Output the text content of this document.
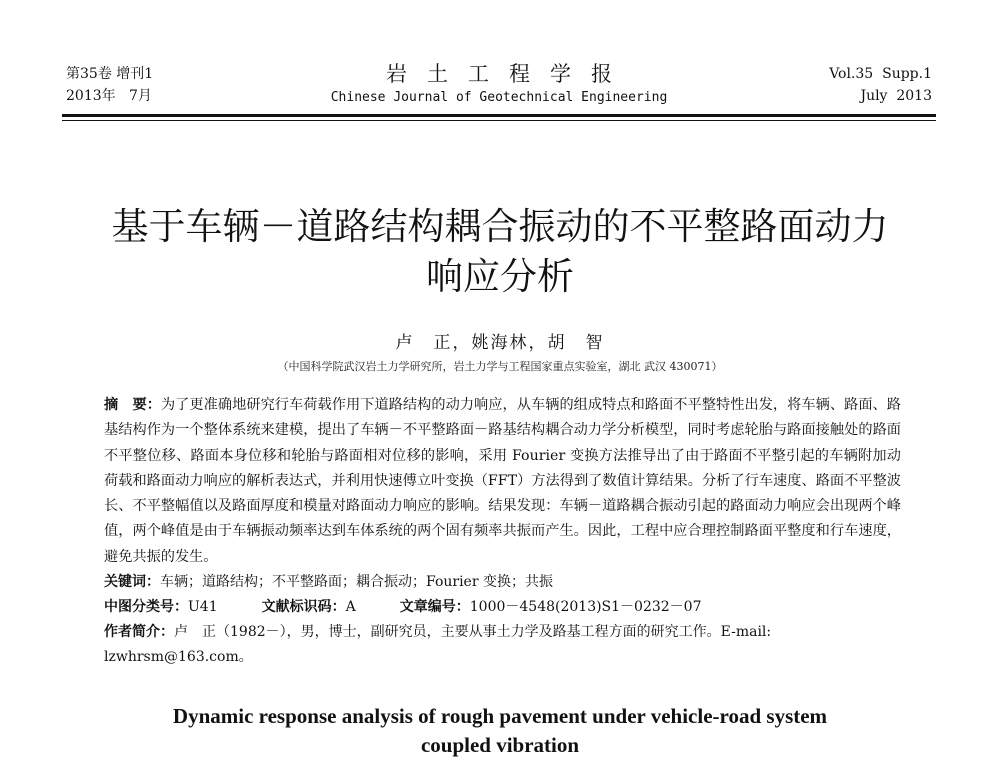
第35卷 增刊1
2013年   7月
岩土工程学报
Chinese Journal of Geotechnical Engineering
Vol.35  Supp.1
July  2013
基于车辆－道路结构耦合振动的不平整路面动力
响应分析
卢　正，姚海林，胡　智
（中国科学院武汉岩土力学研究所，岩土力学与工程国家重点实验室，湖北 武汉 430071）
摘　要：为了更准确地研究行车荷载作用下道路结构的动力响应，从车辆的组成特点和路面不平整特性出发，将车辆、路面、路基结构作为一个整体系统来建模，提出了车辆－不平整路面－路基结构耦合动力学分析模型，同时考虑轮胎与路面接触处的路面不平整位移、路面本身位移和轮胎与路面相对位移的影响，采用 Fourier 变换方法推导出了由于路面不平整引起的车辆附加动荷载和路面动力响应的解析表达式，并利用快速傅立叶变换（FFT）方法得到了数值计算结果。分析了行车速度、路面不平整波长、不平整幅值以及路面厚度和模量对路面动力响应的影响。结果发现：车辆－道路耦合振动引起的路面动力响应会出现两个峰值，两个峰值是由于车辆振动频率达到车体系统的两个固有频率共振而产生。因此，工程中应合理控制路面平整度和行车速度，避免共振的发生。
关键词：车辆；道路结构；不平整路面；耦合振动；Fourier 变换；共振
中图分类号：U41	文献标识码：A	文章编号：1000－4548(2013)S1－0232－07
作者简介：卢　正（1982－），男，博士，副研究员，主要从事土力学及路基工程方面的研究工作。E-mail: lzwhrsm@163.com。
Dynamic response analysis of rough pavement under vehicle-road system
coupled vibration
